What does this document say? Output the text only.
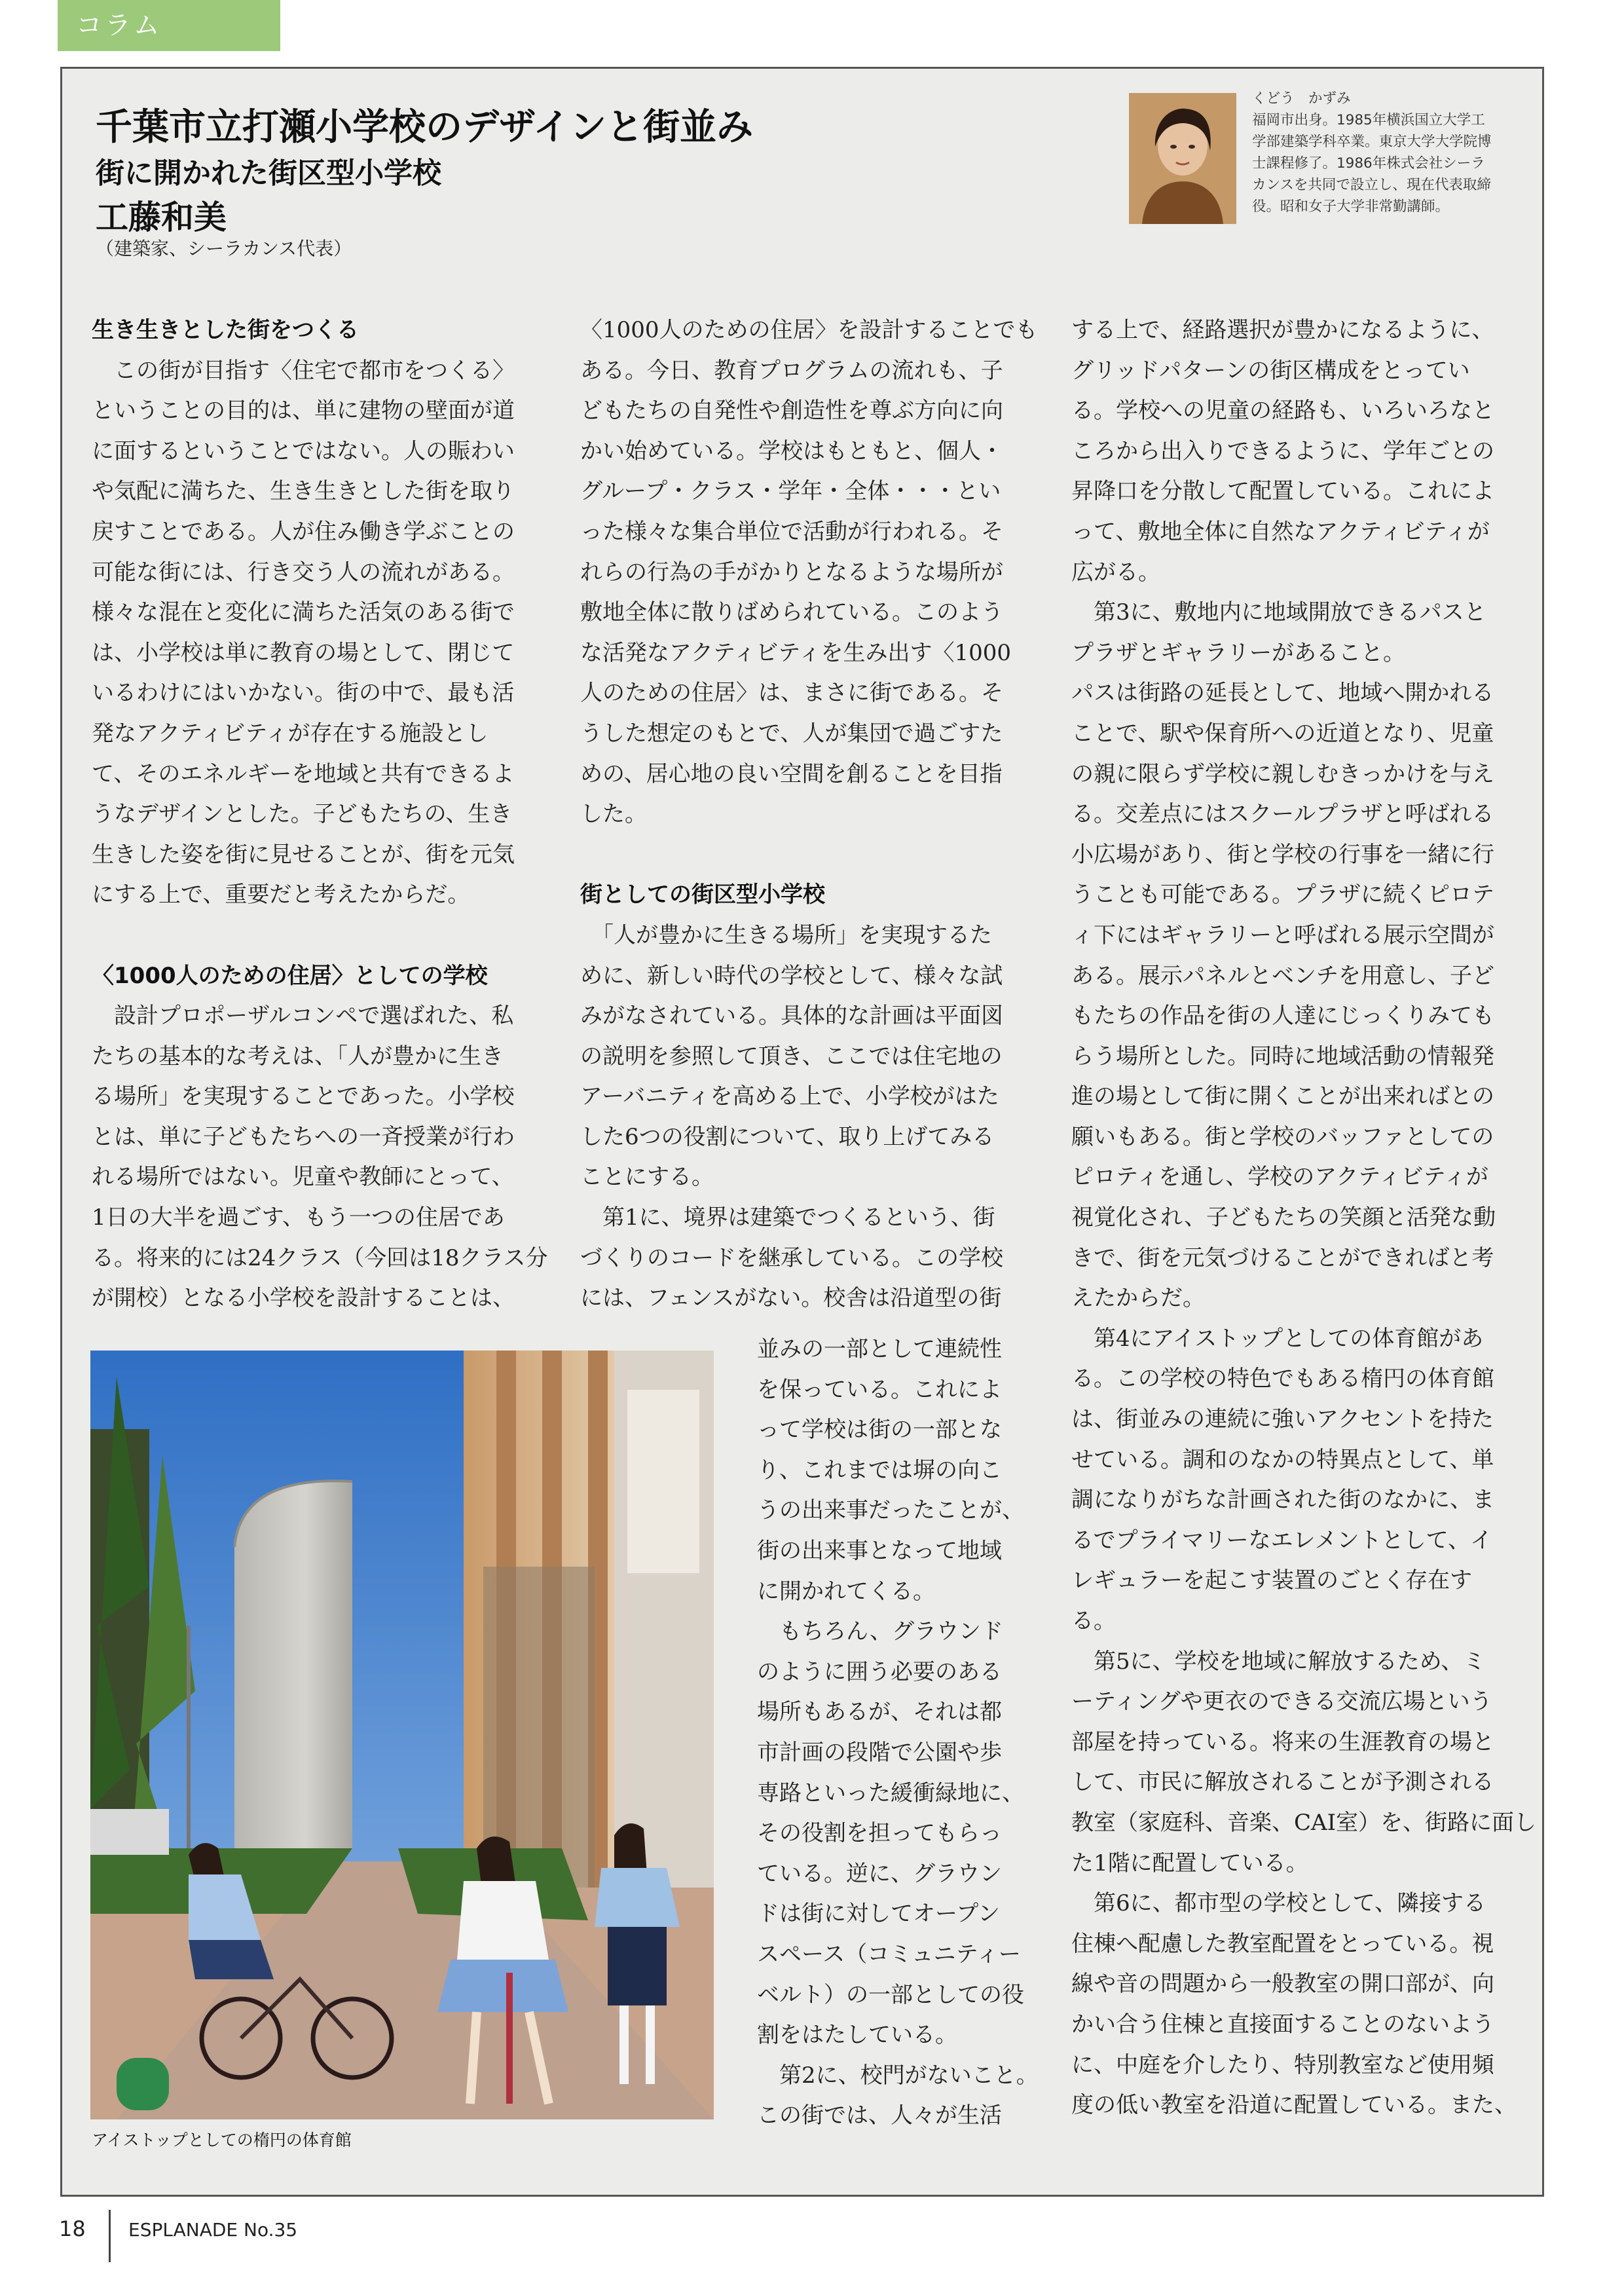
コラム
千葉市立打瀬小学校のデザインと街並み
街に開かれた街区型小学校
工藤和美
（建築家、シーラカンス代表）
くどう　かずみ
福岡市出身。1985年横浜国立大学工
学部建築学科卒業。東京大学大学院博
士課程修了。1986年株式会社シーラ
カンスを共同で設立し、現在代表取締
役。昭和女子大学非常勤講師。
生き生きとした街をつくる
　この街が目指す〈住宅で都市をつくる〉
ということの目的は、単に建物の壁面が道
に面するということではない。人の賑わい
や気配に満ちた、生き生きとした街を取り
戻すことである。人が住み働き学ぶことの
可能な街には、行き交う人の流れがある。
様々な混在と変化に満ちた活気のある街で
は、小学校は単に教育の場として、閉じて
いるわけにはいかない。街の中で、最も活
発なアクティビティが存在する施設とし
て、そのエネルギーを地域と共有できるよ
うなデザインとした。子どもたちの、生き
生きした姿を街に見せることが、街を元気
にする上で、重要だと考えたからだ。
〈1000人のための住居〉としての学校
　設計プロポーザルコンペで選ばれた、私
たちの基本的な考えは、「人が豊かに生き
る場所」を実現することであった。小学校
とは、単に子どもたちへの一斉授業が行わ
れる場所ではない。児童や教師にとって、
1日の大半を過ごす、もう一つの住居であ
る。将来的には24クラス（今回は18クラス分
が開校）となる小学校を設計することは、
〈1000人のための住居〉を設計することでも
ある。今日、教育プログラムの流れも、子
どもたちの自発性や創造性を尊ぶ方向に向
かい始めている。学校はもともと、個人・
グループ・クラス・学年・全体・・・とい
った様々な集合単位で活動が行われる。そ
れらの行為の手がかりとなるような場所が
敷地全体に散りばめられている。このよう
な活発なアクティビティを生み出す〈1000
人のための住居〉は、まさに街である。そ
うした想定のもとで、人が集団で過ごすた
めの、居心地の良い空間を創ることを目指
した。
街としての街区型小学校
　「人が豊かに生きる場所」を実現するた
めに、新しい時代の学校として、様々な試
みがなされている。具体的な計画は平面図
の説明を参照して頂き、ここでは住宅地の
アーバニティを高める上で、小学校がはた
した6つの役割について、取り上げてみる
ことにする。
　第1に、境界は建築でつくるという、街
づくりのコードを継承している。この学校
には、フェンスがない。校舎は沿道型の街
並みの一部として連続性
を保っている。これによ
って学校は街の一部とな
り、これまでは塀の向こ
うの出来事だったことが、
街の出来事となって地域
に開かれてくる。
　もちろん、グラウンド
のように囲う必要のある
場所もあるが、それは都
市計画の段階で公園や歩
専路といった緩衝緑地に、
その役割を担ってもらっ
ている。逆に、グラウン
ドは街に対してオープン
スペース（コミュニティー
ベルト）の一部としての役
割をはたしている。
　第2に、校門がないこと。
この街では、人々が生活
する上で、経路選択が豊かになるように、
グリッドパターンの街区構成をとってい
る。学校への児童の経路も、いろいろなと
ころから出入りできるように、学年ごとの
昇降口を分散して配置している。これによ
って、敷地全体に自然なアクティビティが
広がる。
　第3に、敷地内に地域開放できるパスと
プラザとギャラリーがあること。
パスは街路の延長として、地域へ開かれる
ことで、駅や保育所への近道となり、児童
の親に限らず学校に親しむきっかけを与え
る。交差点にはスクールプラザと呼ばれる
小広場があり、街と学校の行事を一緒に行
うことも可能である。プラザに続くピロテ
ィ下にはギャラリーと呼ばれる展示空間が
ある。展示パネルとベンチを用意し、子ど
もたちの作品を街の人達にじっくりみても
らう場所とした。同時に地域活動の情報発
進の場として街に開くことが出来ればとの
願いもある。街と学校のバッファとしての
ピロティを通し、学校のアクティビティが
視覚化され、子どもたちの笑顔と活発な動
きで、街を元気づけることができればと考
えたからだ。
　第4にアイストップとしての体育館があ
る。この学校の特色でもある楕円の体育館
は、街並みの連続に強いアクセントを持た
せている。調和のなかの特異点として、単
調になりがちな計画された街のなかに、ま
るでプライマリーなエレメントとして、イ
レギュラーを起こす装置のごとく存在す
る。
　第5に、学校を地域に解放するため、ミ
ーティングや更衣のできる交流広場という
部屋を持っている。将来の生涯教育の場と
して、市民に解放されることが予測される
教室（家庭科、音楽、CAI室）を、街路に面し
た1階に配置している。
　第6に、都市型の学校として、隣接する
住棟へ配慮した教室配置をとっている。視
線や音の問題から一般教室の開口部が、向
かい合う住棟と直接面することのないよう
に、中庭を介したり、特別教室など使用頻
度の低い教室を沿道に配置している。また、
アイストップとしての楕円の体育館
18 ESPLANADE No.35
